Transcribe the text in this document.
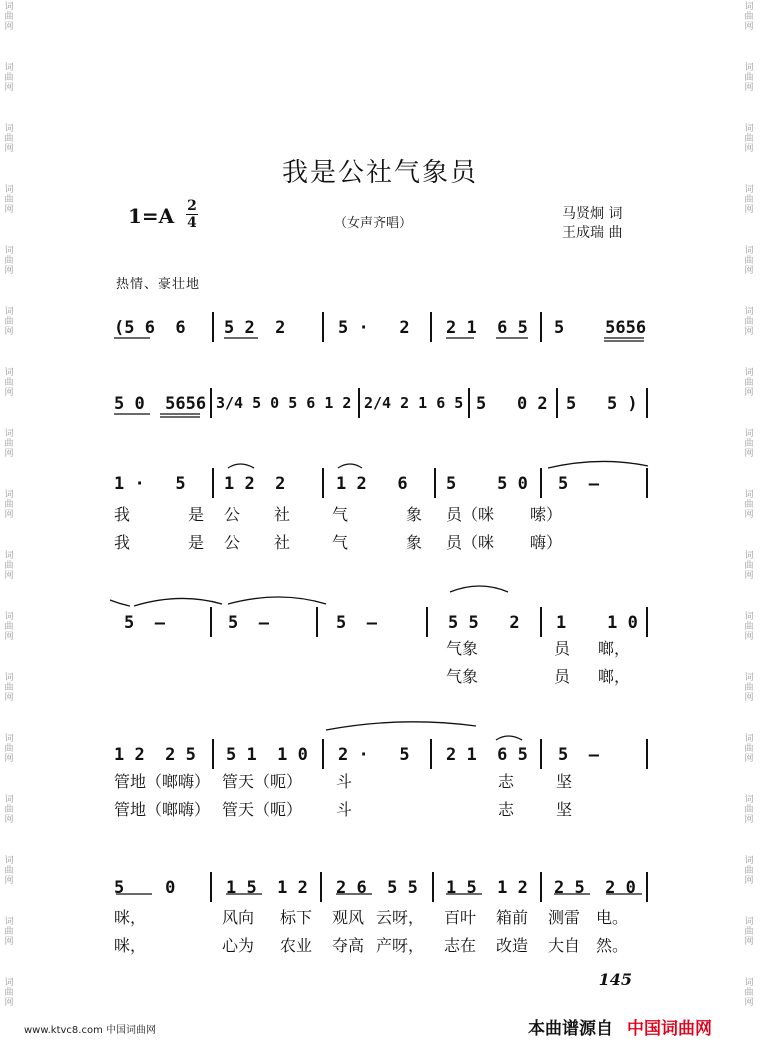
词曲网
词曲网
词曲网
词曲网
词曲网
词曲网
词曲网
词曲网
词曲网
词曲网
词曲网
词曲网
词曲网
词曲网
词曲网
词曲网
词曲网
词曲网
词曲网
词曲网
词曲网
词曲网
词曲网
词曲网
词曲网
词曲网
词曲网
词曲网
词曲网
词曲网
词曲网
词曲网
词曲网
词曲网
我是公社气象员
1=A 2
4	（女声齐唱）
马贤炯 词
王成瑞 曲
热情、豪壮地
(5 6  6 5 2  2	5 ·   2 2 1  6 5 5    5656
5 0  5656 3/4 5 0 5 6 1 2 2/4 2 1 6 5 5   0 2 5   5 )
1 ·   5 1 2  2	1 2   6 5    5 0 5  —
我	是 公 社	气	象 员（咪 嗦）
我	是 公 社	气	象 员（咪 嗨）
5  —	5  —	5  —	5 5   2 1    1 0
气象	员 啷，
气象	员 啷，
1 2  2 5 5 1  1 0 2 ·   5 2 1  6 5 5  —
管地（啷嗨） 管天（呃） 斗	志	坚
管地（啷嗨） 管天（呃） 斗	志	坚
5    0	1 5  1 2 2 6  5 5 1 5  1 2 2 5  2 0
咪，	风向 标下 观风 云呀， 百叶 箱前 测雷 电。
咪，	心为 农业 夺高 产呀， 志在 改造 大自 然。
145
www.ktvc8.com 中国词曲网	本曲谱源自 中国词曲网
